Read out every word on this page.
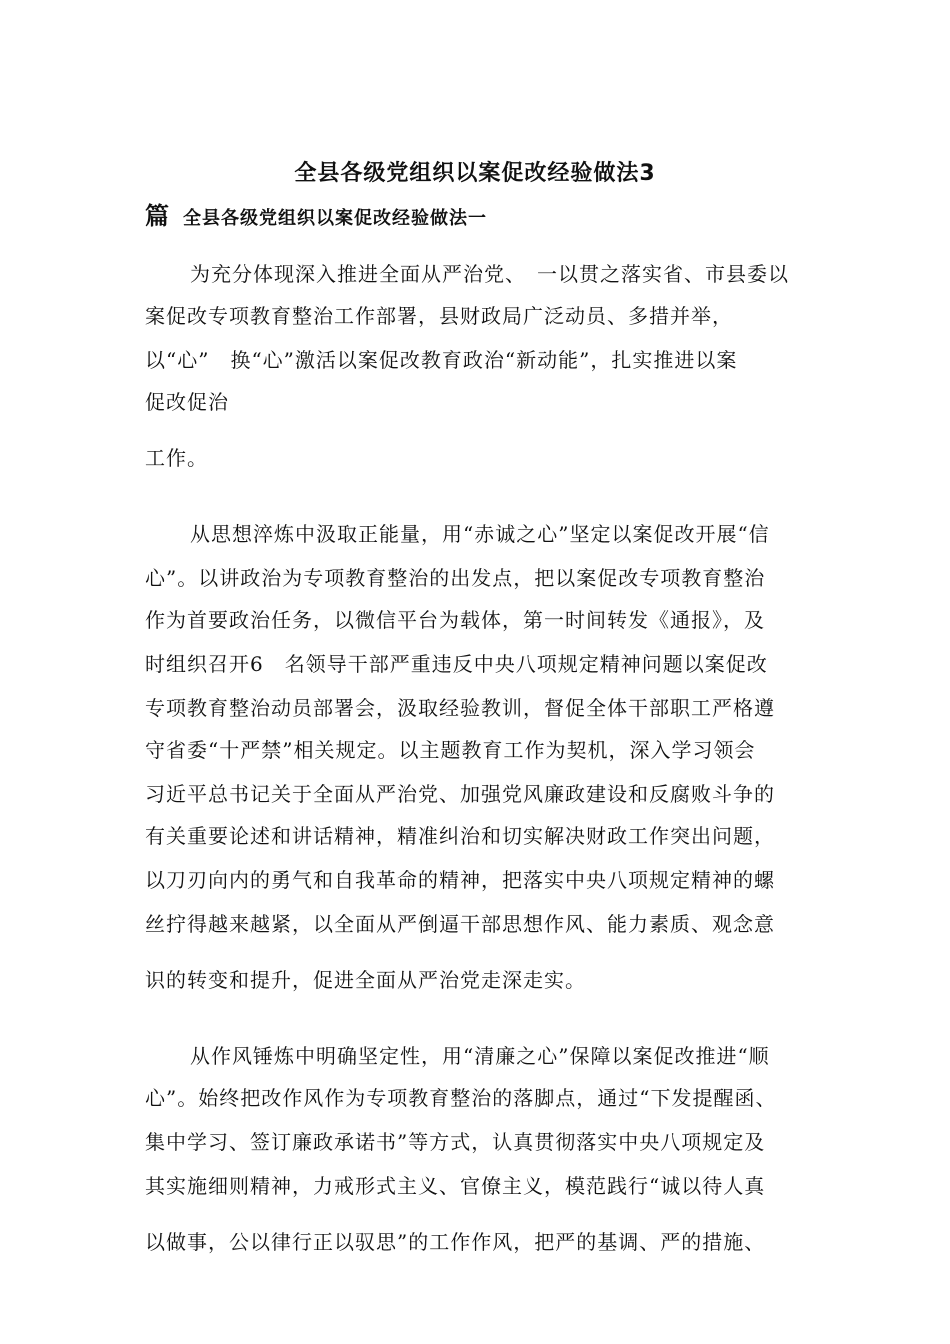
全县各级党组织以案促改经验做法3
篇 全县各级党组织以案促改经验做法一
为充分体现深入推进全面从严治党、　一以贯之落实省、市县委以
案促改专项教育整治工作部署，县财政局广泛动员、多措并举，
以“心”　换“心”激活以案促改教育政治“新动能”，扎实推进以案
促改促治
工作。
从思想淬炼中汲取正能量，用“赤诚之心”坚定以案促改开展“信
心”。以讲政治为专项教育整治的出发点，把以案促改专项教育整治
作为首要政治任务，以微信平台为载体，第一时间转发《通报》，及
时组织召开6　名领导干部严重违反中央八项规定精神问题以案促改
专项教育整治动员部署会，汲取经验教训，督促全体干部职工严格遵
守省委“十严禁”相关规定。以主题教育工作为契机，深入学习领会
习近平总书记关于全面从严治党、加强党风廉政建设和反腐败斗争的
有关重要论述和讲话精神，精准纠治和切实解决财政工作突出问题，
以刀刃向内的勇气和自我革命的精神，把落实中央八项规定精神的螺
丝拧得越来越紧，以全面从严倒逼干部思想作风、能力素质、观念意
识的转变和提升，促进全面从严治党走深走实。
从作风锤炼中明确坚定性，用“清廉之心”保障以案促改推进“顺
心”。始终把改作风作为专项教育整治的落脚点，通过“下发提醒函、
集中学习、签订廉政承诺书”等方式，认真贯彻落实中央八项规定及
其实施细则精神，力戒形式主义、官僚主义，模范践行“诚以待人真
以做事，公以律行正以驭思”的工作作风，把严的基调、严的措施、
